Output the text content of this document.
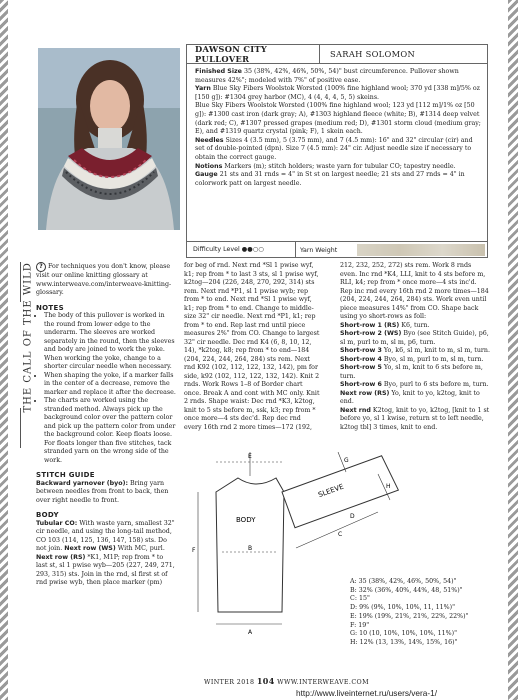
DAWSON CITY PULLOVER	SARAH SOLOMON

Finished Size 35 (38%, 42%, 46%, 50%, 54)" bust circumference. Pullover shown measures 42%"; modeled with 7%" of positive ease.

Yarn Blue Sky Fibers Woolstok Worsted (100% fine highland wool; 370 yd [338 m]/5% oz [150 g]): #1304 grey harbor (MC), 4 (4, 4, 4, 5, 5) skeins.

Blue Sky Fibers Woolstok Worsted (100% fine highland wool; 123 yd [112 m]/1% oz [50 g]): #1300 cast iron (dark gray; A), #1303 highland fleece (white; B), #1314 deep velvet (dark red; C), #1307 pressed grapes (medium red; D), #1301 storm cloud (medium gray; E), and #1319 quartz crystal (pink; F), 1 skein each.

Needles Sizes 4 (3.5 mm), 5 (3.75 mm), and 7 (4.5 mm): 16" and 32" circular (cir) and set of double-pointed (dpn). Size 7 (4.5 mm): 24" cir. Adjust needle size if necessary to obtain the correct gauge.

Notions Markers (m); stitch holders; waste yarn for tubular CO; tapestry needle.

Gauge 21 sts and 31 rnds = 4" in St st on largest needle; 21 sts and 27 rnds = 4" in colorwork patt on largest needle.

Difficulty Level ●●○○	Yarn Weight
THE CALL OF THE WILD ? For techniques you don't know, please visit our online knitting glossary at www.interweave.com/interweave-knitting-glossary.

NOTES
• The body of this pullover is worked in the round from lower edge to the underarm. The sleeves are worked separately in the round, then the sleeves and body are joined to work the yoke. When working the yoke, change to a shorter circular needle when necessary.
• When shaping the yoke, if a marker falls in the center of a decrease, remove the marker and replace it after the decrease.
• The charts are worked using the stranded method. Always pick up the background color over the pattern color and pick up the pattern color from under the background color. Keep floats loose. For floats longer than five stitches, tack stranded yarn on the wrong side of the work.
STITCH GUIDE

Backward yarnover (byo): Bring yarn between needles from front to back, then over right needle to front.

BODY

Tubular CO: With waste yarn, smallest 32" cir needle, and using the long-tail method, CO 103 (114, 125, 136, 147, 158) sts. Do not join. Next row (WS) With MC, purl. Next row (RS) *K1, M1P; rep from * to last st, sl 1 pwise wyb—205 (227, 249, 271, 293, 315) sts. Join in the rnd, sl first st of rnd pwise wyb, then place marker (pm)

for beg of rnd. Next rnd *Sl 1 pwise wyf, k1; rep from * to last 3 sts, sl 1 pwise wyf, k2tog—204 (226, 248, 270, 292, 314) sts rem. Next rnd *P1, sl 1 pwise wyb; rep from * to end. Next rnd *Sl 1 pwise wyf, k1; rep from * to end. Change to middle-size 32" cir needle. Next rnd *P1, k1; rep from * to end. Rep last rnd until piece measures 2%" from CO. Change to largest 32" cir needle. Dec rnd K4 (6, 8, 10, 12, 14), *k2tog, k8; rep from * to end—184 (204, 224, 244, 264, 284) sts rem. Next rnd K92 (102, 112, 122, 132, 142), pm for side, k92 (102, 112, 122, 132, 142). Knit 2 rnds. Work Rows 1–8 of Border chart once. Break A and cont with MC only. Knit 2 rnds. Shape waist: Dec rnd *K3, k2tog, knit to 5 sts before m, ssk, k3; rep from * once more—4 sts dec'd. Rep dec rnd every 16th rnd 2 more times—172 (192,

212, 232, 252, 272) sts rem. Work 8 rnds even. Inc rnd *K4, LLI, knit to 4 sts before m, RLI, k4; rep from * once more—4 sts inc'd. Rep inc rnd every 16th rnd 2 more times—184 (204, 224, 244, 264, 284) sts. Work even until piece measures 14%" from CO. Shape back using yo short-rows as foll:

Short-row 1 (RS) K6, turn.

Short-row 2 (WS) Byo (see Stitch Guide), p6, sl m, purl to m, sl m, p6, turn.

Short-row 3 Yo, k6, sl m, knit to m, sl m, turn.

Short-row 4 Byo, sl m, purl to m, sl m, turn.

Short-row 5 Yo, sl m, knit to 6 sts before m, turn.

Short-row 6 Byo, purl to 6 sts before m, turn.

Next row (RS) Yo, knit to yo, k2tog, knit to end.

Next rnd K2tog, knit to yo, k2tog, [knit to 1 st before yo, sl 1 kwise, return st to left needle, k2tog tbl] 3 times, knit to end.

BODY
SLEEVE
E
F	B
G
H
C
D
A

A: 35 (38%, 42%, 46%, 50%, 54)"

B: 32% (36%, 40%, 44%, 48, 51%)"

C: 15"

D: 9% (9%, 10%, 10%, 11, 11%)"

E: 19% (19%, 21%, 21%, 22%, 22%)"

F: 19"

G: 10 (10, 10%, 10%, 10%, 11%)"

H: 12% (13, 13%, 14%, 15%, 16)"

WINTER 2018 104 WWW.INTERWEAVE.COM
http://www.liveinternet.ru/users/vera-1/
